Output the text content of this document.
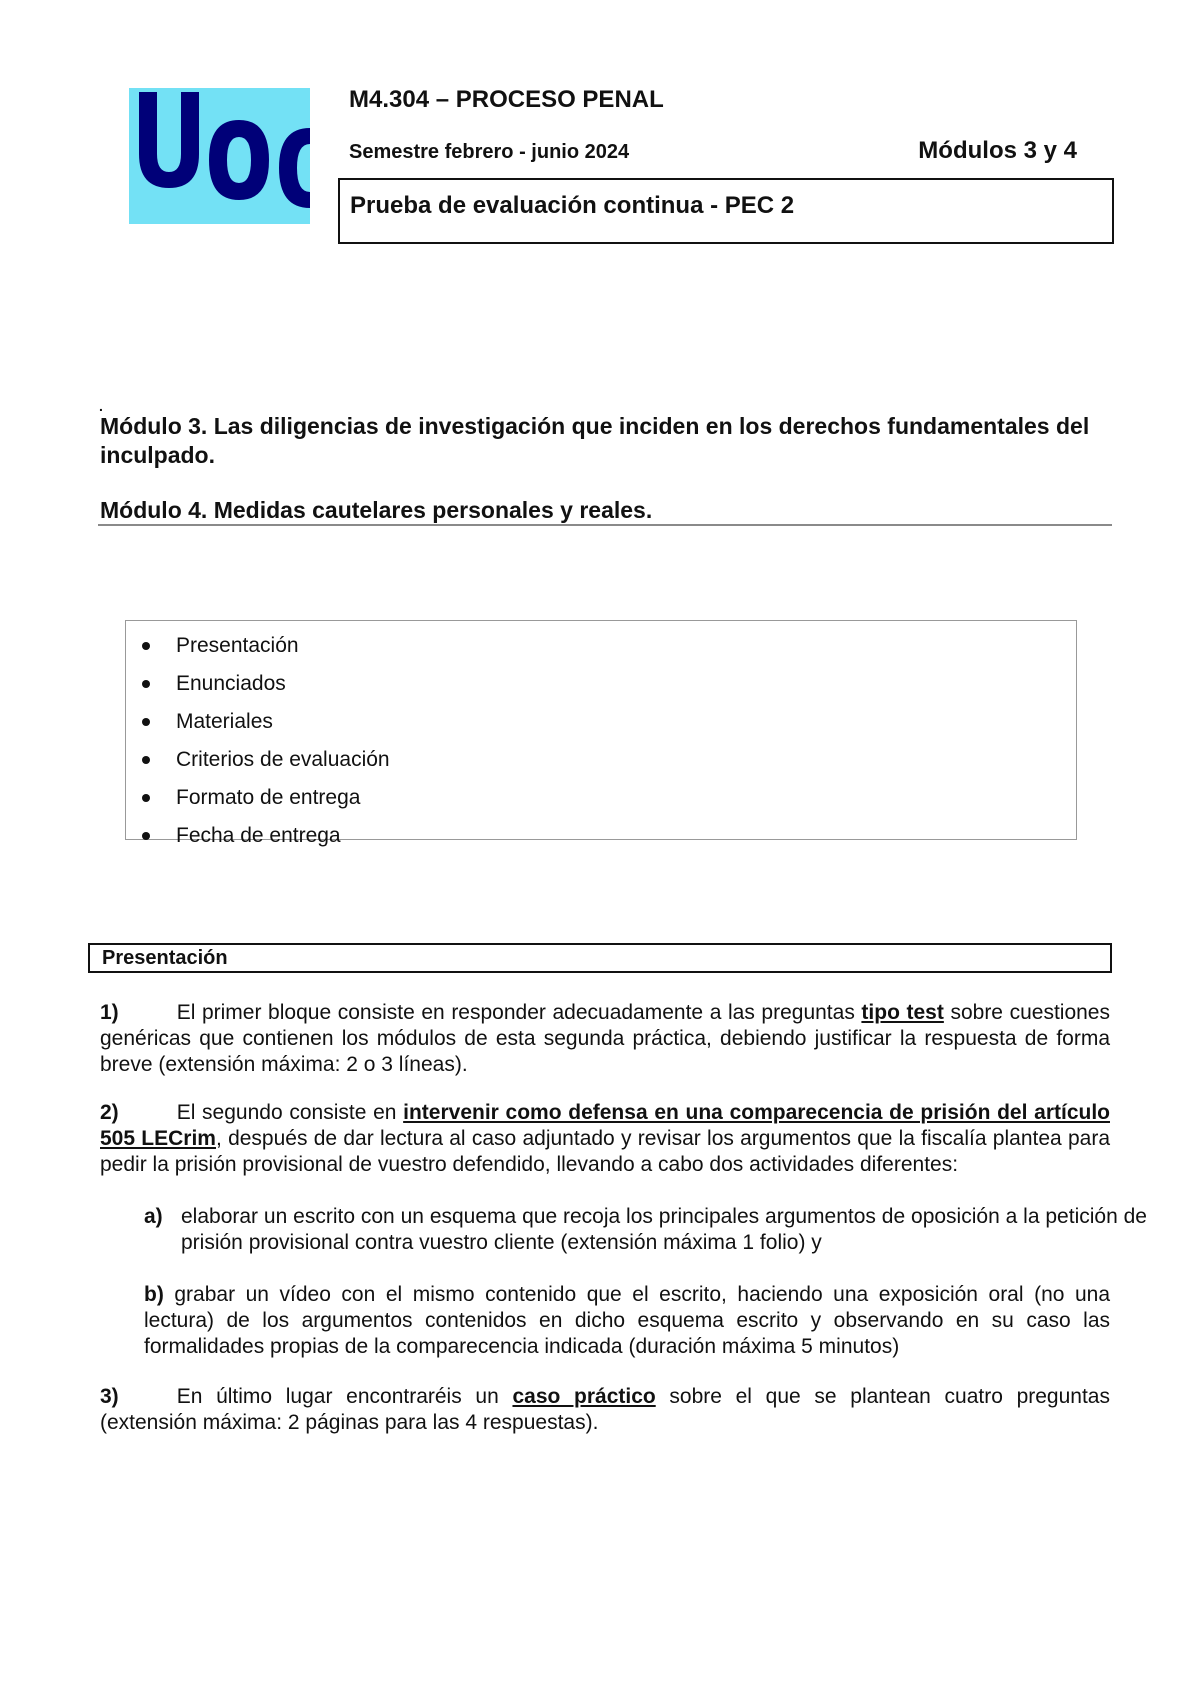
M4.304 – PROCESO PENAL
Semestre febrero - junio 2024	Módulos 3 y 4
Prueba de evaluación continua - PEC 2
.
Módulo 3. Las diligencias de investigación que inciden en los derechos fundamentales del inculpado.
Módulo 4. Medidas cautelares personales y reales.
Presentación
Enunciados
Materiales
Criterios de evaluación
Formato de entrega
Fecha de entrega
Presentación
1)	El primer bloque consiste en responder adecuadamente a las preguntas tipo test sobre cuestiones genéricas que contienen los módulos de esta segunda práctica, debiendo justificar la respuesta de forma breve (extensión máxima: 2 o 3 líneas).
2)	El segundo consiste en intervenir como defensa en una comparecencia de prisión del artículo 505 LECrim, después de dar lectura al caso adjuntado y revisar los argumentos que la fiscalía plantea para pedir la prisión provisional de vuestro defendido, llevando a cabo dos actividades diferentes:
a) elaborar un escrito con un esquema que recoja los principales argumentos de oposición a la petición de prisión provisional contra vuestro cliente (extensión máxima 1 folio) y
b) grabar un vídeo con el mismo contenido que el escrito, haciendo una exposición oral (no una lectura) de los argumentos contenidos en dicho esquema escrito y observando en su caso las formalidades propias de la comparecencia indicada (duración máxima 5 minutos)
3)	En último lugar encontraréis un caso práctico sobre el que se plantean cuatro preguntas (extensión máxima: 2 páginas para las 4 respuestas).
